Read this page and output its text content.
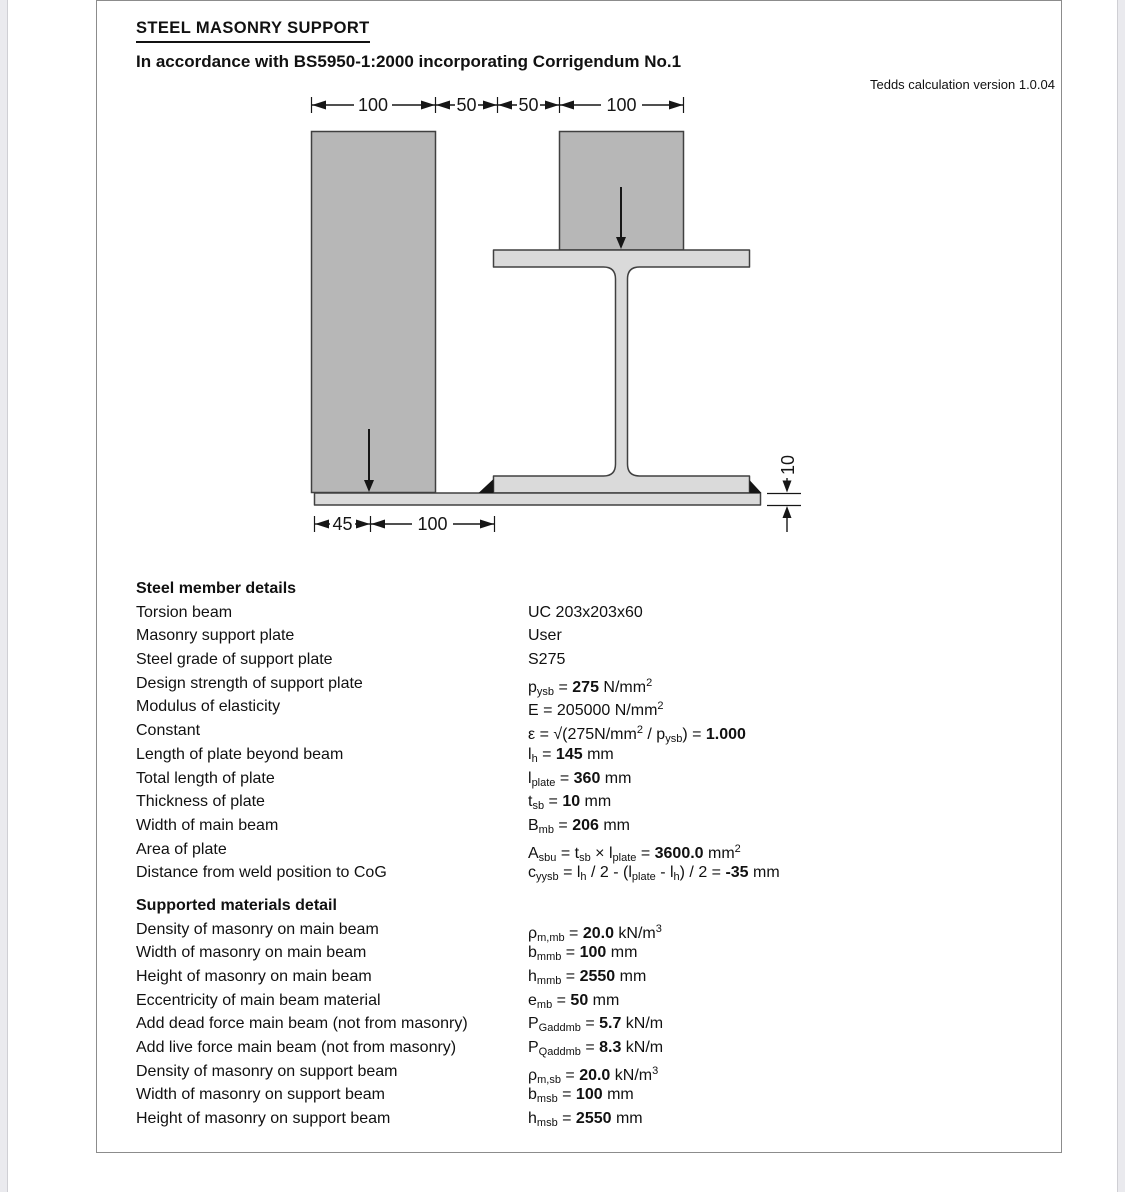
STEEL MASONRY SUPPORT
In accordance with BS5950-1:2000 incorporating Corrigendum No.1
Tedds calculation version 1.0.04
100	50 50	100
45	100
10
Steel member details
Torsion beam	UC 203x203x60
Masonry support plate	User
Steel grade of support plate	S275
Design strength of support plate	$p_{ysb} = 275$ $N/mm^2$
Modulus of elasticity	E = 205000 $N/mm^2$
Constant	$\varepsilon = √(275N/mm^2 / p_{ysb}) = 1.000$
Length of plate beyond beam	$l_h = 145$ mm
Total length of plate	$l_{plate} = 360$ mm
Thickness of plate	$t_{sb} = 10$ mm
Width of main beam	$B_{mb} = 206$ mm
Area of plate	$A_{sbu} = t_{sb} \times l_{plate} = 3600.0$ $mm^2$
Distance from weld position to CoG	$c_{yysb} = l_h / 2 - (l_{plate} - l_h) / 2 = -35$ mm
Supported materials detail
Density of masonry on main beam	$\rho_{m,mb} = 20.0$ $kN/m^3$
Width of masonry on main beam	$b_{mmb} = 100$ mm
Height of masonry on main beam	$h_{mmb} = 2550$ mm
Eccentricity of main beam material	$e_{mb} = 50$ mm
Add dead force main beam (not from masonry)	$P_{Gaddmb} = 5.7$ kN/m
Add live force main beam (not from masonry)	$P_{Qaddmb} = 8.3$ kN/m
Density of masonry on support beam	$\rho_{m,sb} = 20.0$ $kN/m^3$
Width of masonry on support beam	$b_{msb} = 100$ mm
Height of masonry on support beam	$h_{msb} = 2550$ mm
